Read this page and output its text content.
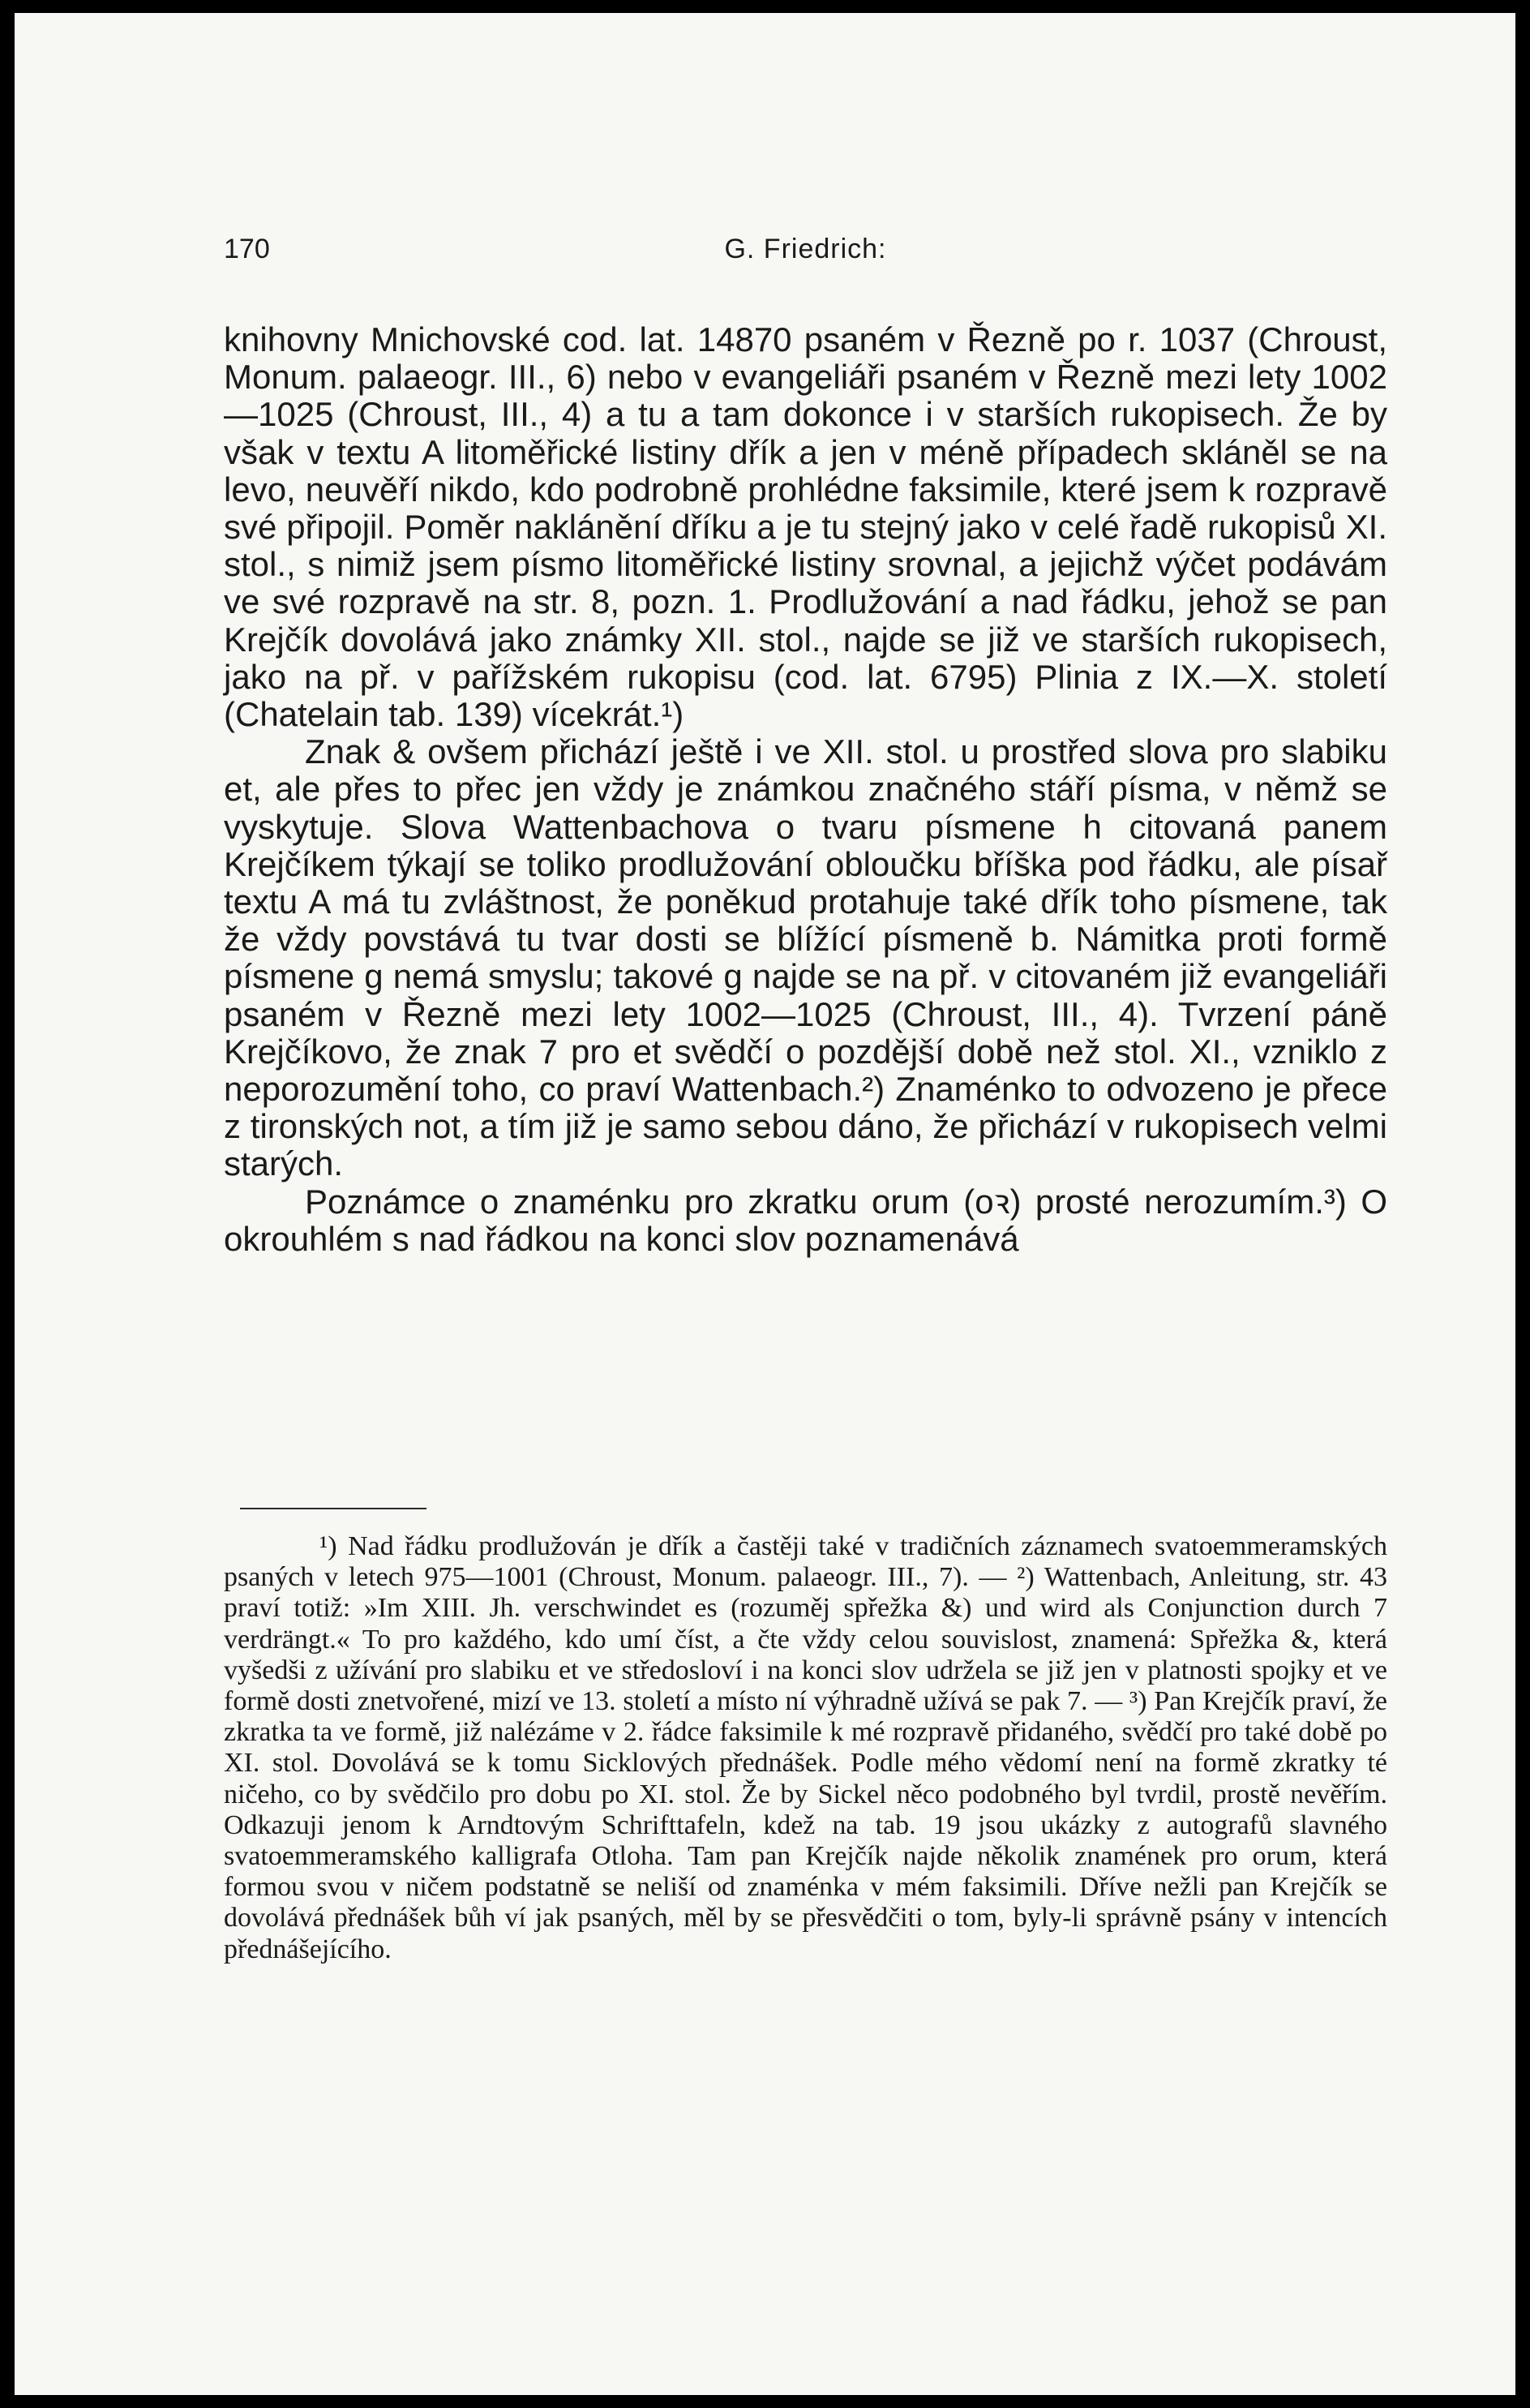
170	G. Friedrich:

knihovny Mnichovské cod. lat. 14870 psaném v Řezně po r. 1037 (Chroust, Monum. palaeogr. III., 6) nebo v evangeliáři psaném v Řezně mezi lety 1002—1025 (Chroust, III., 4) a tu a tam dokonce i v starších rukopisech. Že by však v textu A litoměřické listiny dřík a jen v méně případech skláněl se na levo, neuvěří nikdo, kdo podrobně prohlédne faksimile, které jsem k rozpravě své připojil. Poměr naklánění dříku a je tu stejný jako v celé řadě rukopisů XI. stol., s nimiž jsem písmo litoměřické listiny srovnal, a jejichž výčet podávám ve své rozpravě na str. 8, pozn. 1. Prodlužování a nad řádku, jehož se pan Krejčík dovolává jako známky XII. stol., najde se již ve starších rukopisech, jako na př. v pařížském rukopisu (cod. lat. 6795) Plinia z IX.—X. století (Chatelain tab. 139) vícekrát.¹)

Znak & ovšem přichází ještě i ve XII. stol. u prostřed slova pro slabiku et, ale přes to přec jen vždy je známkou značného stáří písma, v němž se vyskytuje. Slova Wattenbachova o tvaru písmene h citovaná panem Krejčíkem týkají se toliko prodlužování obloučku bříška pod řádku, ale písař textu A má tu zvláštnost, že poněkud protahuje také dřík toho písmene, tak že vždy povstává tu tvar dosti se blížící písmeně b. Námitka proti formě písmene g nemá smyslu; takové g najde se na př. v citovaném již evangeliáři psaném v Řezně mezi lety 1002—1025 (Chroust, III., 4). Tvrzení páně Krejčíkovo, že znak 7 pro et svědčí o pozdější době než stol. XI., vzniklo z neporozumění toho, co praví Wattenbach.²) Znaménko to odvozeno je přece z tironských not, a tím již je samo sebou dáno, že přichází v rukopisech velmi starých.

Poznámce o znaménku pro zkratku orum (oꝛ) prosté nerozumím.³) O okrouhlém s nad řádkou na konci slov poznamenává

¹) Nad řádku prodlužován je dřík a častěji také v tradičních záznamech svatoemmeramských psaných v letech 975—1001 (Chroust, Monum. palaeogr. III., 7). — ²) Wattenbach, Anleitung, str. 43 praví totiž: »Im XIII. Jh. verschwindet es (rozuměj spřežka &) und wird als Conjunction durch 7 verdrängt.« To pro každého, kdo umí číst, a čte vždy celou souvislost, znamená: Spřežka &, která vyšedši z užívání pro slabiku et ve středosloví i na konci slov udržela se již jen v platnosti spojky et ve formě dosti znetvořené, mizí ve 13. století a místo ní výhradně užívá se pak 7. — ³) Pan Krejčík praví, že zkratka ta ve formě, již nalézáme v 2. řádce faksimile k mé rozpravě přidaného, svědčí pro také době po XI. stol. Dovolává se k tomu Sicklových přednášek. Podle mého vědomí není na formě zkratky té ničeho, co by svědčilo pro dobu po XI. stol. Že by Sickel něco podobného byl tvrdil, prostě nevěřím. Odkazuji jenom k Arndtovým Schrifttafeln, kdež na tab. 19 jsou ukázky z autografů slavného svatoemmeramského kalligrafa Otloha. Tam pan Krejčík najde několik znamének pro orum, která formou svou v ničem podstatně se neliší od znaménka v mém faksimili. Dříve nežli pan Krejčík se dovolává přednášek bůh ví jak psaných, měl by se přesvědčiti o tom, byly-li správně psány v intencích přednášejícího.
